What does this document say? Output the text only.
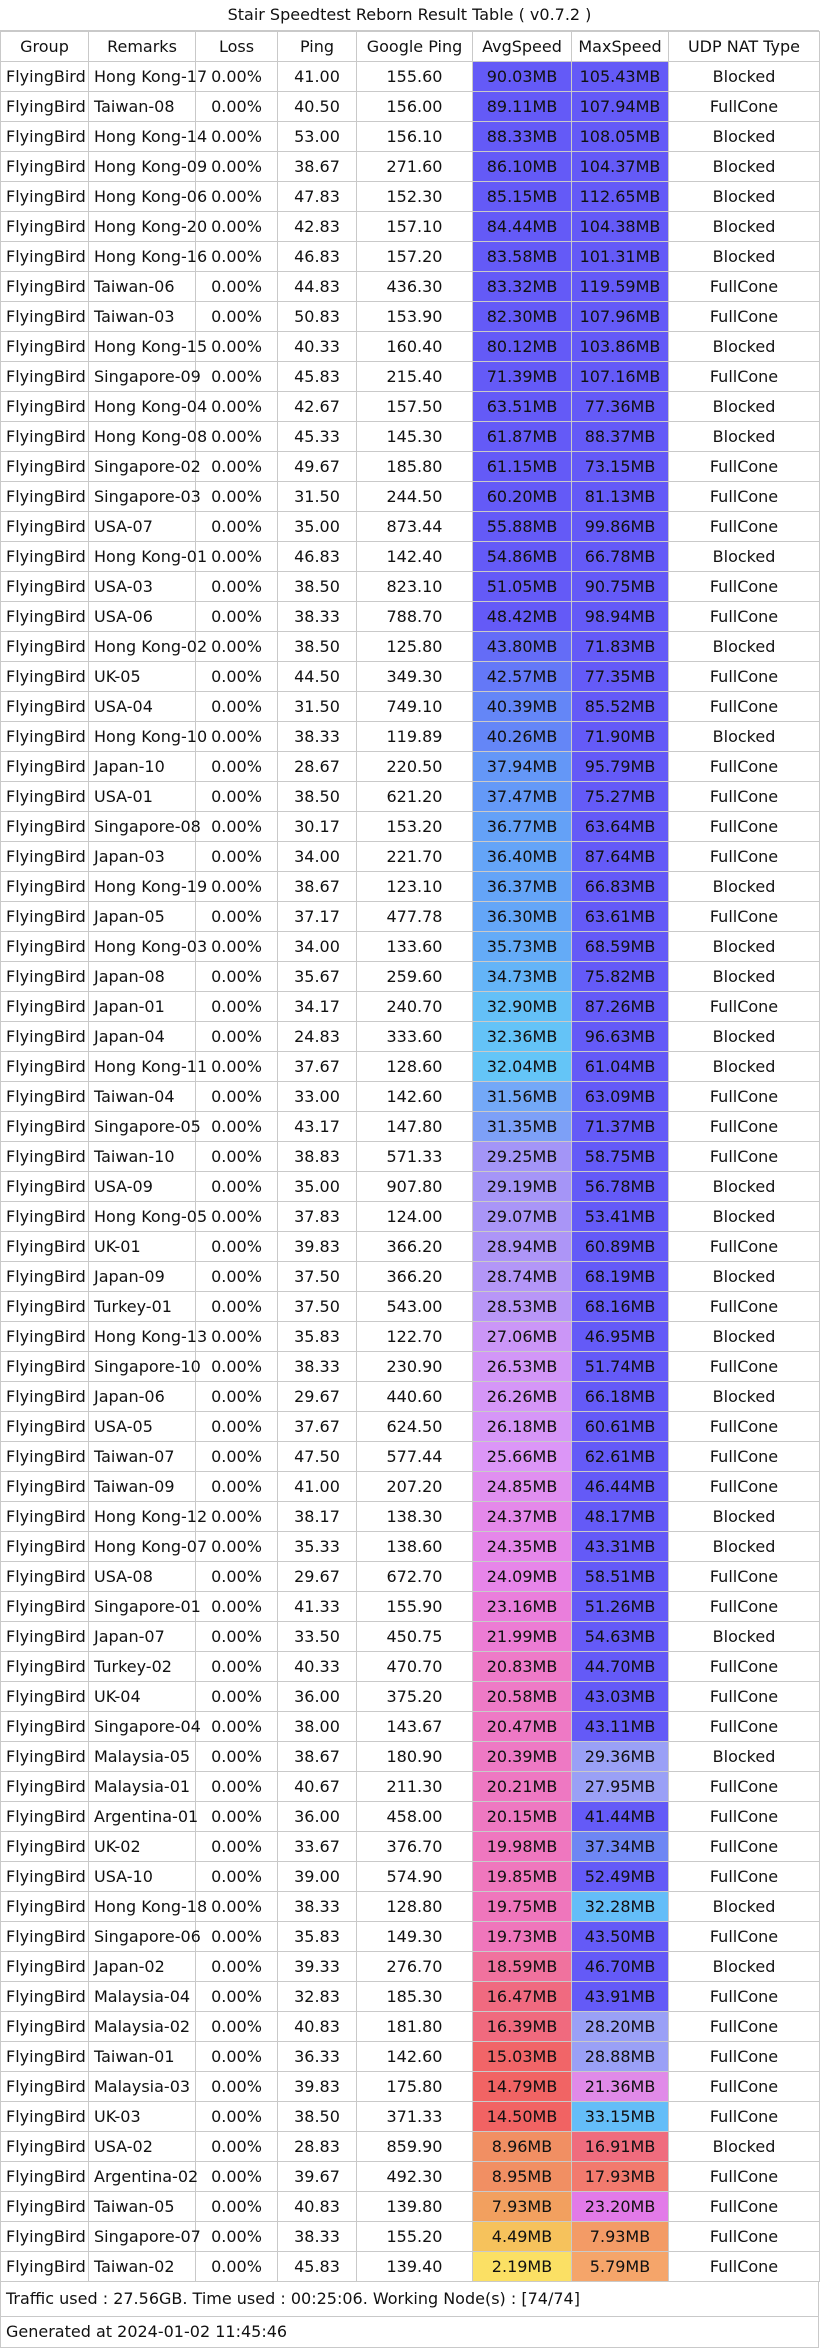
Stair Speedtest Reborn Result Table ( v0.7.2 )
Group	Remarks	Loss	Ping	Google Ping	AvgSpeed	MaxSpeed	UDP NAT Type
FlyingBird	Hong Kong-17	0.00%	41.00	155.60	90.03MB	105.43MB	Blocked
FlyingBird	Taiwan-08	0.00%	40.50	156.00	89.11MB	107.94MB	FullCone
FlyingBird	Hong Kong-14	0.00%	53.00	156.10	88.33MB	108.05MB	Blocked
FlyingBird	Hong Kong-09	0.00%	38.67	271.60	86.10MB	104.37MB	Blocked
FlyingBird	Hong Kong-06	0.00%	47.83	152.30	85.15MB	112.65MB	Blocked
FlyingBird	Hong Kong-20	0.00%	42.83	157.10	84.44MB	104.38MB	Blocked
FlyingBird	Hong Kong-16	0.00%	46.83	157.20	83.58MB	101.31MB	Blocked
FlyingBird	Taiwan-06	0.00%	44.83	436.30	83.32MB	119.59MB	FullCone
FlyingBird	Taiwan-03	0.00%	50.83	153.90	82.30MB	107.96MB	FullCone
FlyingBird	Hong Kong-15	0.00%	40.33	160.40	80.12MB	103.86MB	Blocked
FlyingBird	Singapore-09	0.00%	45.83	215.40	71.39MB	107.16MB	FullCone
FlyingBird	Hong Kong-04	0.00%	42.67	157.50	63.51MB	77.36MB	Blocked
FlyingBird	Hong Kong-08	0.00%	45.33	145.30	61.87MB	88.37MB	Blocked
FlyingBird	Singapore-02	0.00%	49.67	185.80	61.15MB	73.15MB	FullCone
FlyingBird	Singapore-03	0.00%	31.50	244.50	60.20MB	81.13MB	FullCone
FlyingBird	USA-07	0.00%	35.00	873.44	55.88MB	99.86MB	FullCone
FlyingBird	Hong Kong-01	0.00%	46.83	142.40	54.86MB	66.78MB	Blocked
FlyingBird	USA-03	0.00%	38.50	823.10	51.05MB	90.75MB	FullCone
FlyingBird	USA-06	0.00%	38.33	788.70	48.42MB	98.94MB	FullCone
FlyingBird	Hong Kong-02	0.00%	38.50	125.80	43.80MB	71.83MB	Blocked
FlyingBird	UK-05	0.00%	44.50	349.30	42.57MB	77.35MB	FullCone
FlyingBird	USA-04	0.00%	31.50	749.10	40.39MB	85.52MB	FullCone
FlyingBird	Hong Kong-10	0.00%	38.33	119.89	40.26MB	71.90MB	Blocked
FlyingBird	Japan-10	0.00%	28.67	220.50	37.94MB	95.79MB	FullCone
FlyingBird	USA-01	0.00%	38.50	621.20	37.47MB	75.27MB	FullCone
FlyingBird	Singapore-08	0.00%	30.17	153.20	36.77MB	63.64MB	FullCone
FlyingBird	Japan-03	0.00%	34.00	221.70	36.40MB	87.64MB	FullCone
FlyingBird	Hong Kong-19	0.00%	38.67	123.10	36.37MB	66.83MB	Blocked
FlyingBird	Japan-05	0.00%	37.17	477.78	36.30MB	63.61MB	FullCone
FlyingBird	Hong Kong-03	0.00%	34.00	133.60	35.73MB	68.59MB	Blocked
FlyingBird	Japan-08	0.00%	35.67	259.60	34.73MB	75.82MB	Blocked
FlyingBird	Japan-01	0.00%	34.17	240.70	32.90MB	87.26MB	FullCone
FlyingBird	Japan-04	0.00%	24.83	333.60	32.36MB	96.63MB	Blocked
FlyingBird	Hong Kong-11	0.00%	37.67	128.60	32.04MB	61.04MB	Blocked
FlyingBird	Taiwan-04	0.00%	33.00	142.60	31.56MB	63.09MB	FullCone
FlyingBird	Singapore-05	0.00%	43.17	147.80	31.35MB	71.37MB	FullCone
FlyingBird	Taiwan-10	0.00%	38.83	571.33	29.25MB	58.75MB	FullCone
FlyingBird	USA-09	0.00%	35.00	907.80	29.19MB	56.78MB	Blocked
FlyingBird	Hong Kong-05	0.00%	37.83	124.00	29.07MB	53.41MB	Blocked
FlyingBird	UK-01	0.00%	39.83	366.20	28.94MB	60.89MB	FullCone
FlyingBird	Japan-09	0.00%	37.50	366.20	28.74MB	68.19MB	Blocked
FlyingBird	Turkey-01	0.00%	37.50	543.00	28.53MB	68.16MB	FullCone
FlyingBird	Hong Kong-13	0.00%	35.83	122.70	27.06MB	46.95MB	Blocked
FlyingBird	Singapore-10	0.00%	38.33	230.90	26.53MB	51.74MB	FullCone
FlyingBird	Japan-06	0.00%	29.67	440.60	26.26MB	66.18MB	Blocked
FlyingBird	USA-05	0.00%	37.67	624.50	26.18MB	60.61MB	FullCone
FlyingBird	Taiwan-07	0.00%	47.50	577.44	25.66MB	62.61MB	FullCone
FlyingBird	Taiwan-09	0.00%	41.00	207.20	24.85MB	46.44MB	FullCone
FlyingBird	Hong Kong-12	0.00%	38.17	138.30	24.37MB	48.17MB	Blocked
FlyingBird	Hong Kong-07	0.00%	35.33	138.60	24.35MB	43.31MB	Blocked
FlyingBird	USA-08	0.00%	29.67	672.70	24.09MB	58.51MB	FullCone
FlyingBird	Singapore-01	0.00%	41.33	155.90	23.16MB	51.26MB	FullCone
FlyingBird	Japan-07	0.00%	33.50	450.75	21.99MB	54.63MB	Blocked
FlyingBird	Turkey-02	0.00%	40.33	470.70	20.83MB	44.70MB	FullCone
FlyingBird	UK-04	0.00%	36.00	375.20	20.58MB	43.03MB	FullCone
FlyingBird	Singapore-04	0.00%	38.00	143.67	20.47MB	43.11MB	FullCone
FlyingBird	Malaysia-05	0.00%	38.67	180.90	20.39MB	29.36MB	Blocked
FlyingBird	Malaysia-01	0.00%	40.67	211.30	20.21MB	27.95MB	FullCone
FlyingBird	Argentina-01	0.00%	36.00	458.00	20.15MB	41.44MB	FullCone
FlyingBird	UK-02	0.00%	33.67	376.70	19.98MB	37.34MB	FullCone
FlyingBird	USA-10	0.00%	39.00	574.90	19.85MB	52.49MB	FullCone
FlyingBird	Hong Kong-18	0.00%	38.33	128.80	19.75MB	32.28MB	Blocked
FlyingBird	Singapore-06	0.00%	35.83	149.30	19.73MB	43.50MB	FullCone
FlyingBird	Japan-02	0.00%	39.33	276.70	18.59MB	46.70MB	Blocked
FlyingBird	Malaysia-04	0.00%	32.83	185.30	16.47MB	43.91MB	FullCone
FlyingBird	Malaysia-02	0.00%	40.83	181.80	16.39MB	28.20MB	FullCone
FlyingBird	Taiwan-01	0.00%	36.33	142.60	15.03MB	28.88MB	FullCone
FlyingBird	Malaysia-03	0.00%	39.83	175.80	14.79MB	21.36MB	FullCone
FlyingBird	UK-03	0.00%	38.50	371.33	14.50MB	33.15MB	FullCone
FlyingBird	USA-02	0.00%	28.83	859.90	8.96MB	16.91MB	Blocked
FlyingBird	Argentina-02	0.00%	39.67	492.30	8.95MB	17.93MB	FullCone
FlyingBird	Taiwan-05	0.00%	40.83	139.80	7.93MB	23.20MB	FullCone
FlyingBird	Singapore-07	0.00%	38.33	155.20	4.49MB	7.93MB	FullCone
FlyingBird	Taiwan-02	0.00%	45.83	139.40	2.19MB	5.79MB	FullCone
Traffic used : 27.56GB. Time used : 00:25:06. Working Node(s) : [74/74]
Generated at 2024-01-02 11:45:46
